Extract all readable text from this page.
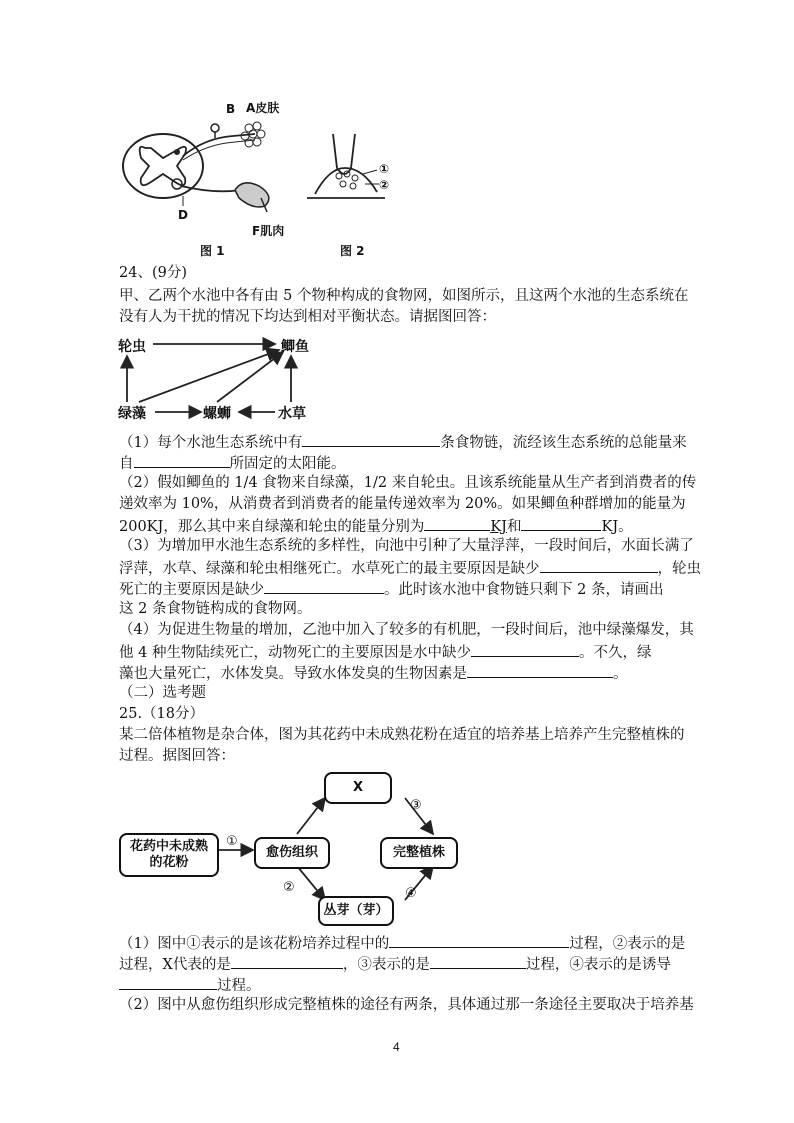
B A皮肤
D
F肌肉
图 1
①
②
图 2
24、(9分)
甲、乙两个水池中各有由 5 个物种构成的食物网，如图所示，且这两个水池的生态系统在
没有人为干扰的情况下均达到相对平衡状态。请据图回答：
轮虫	鲫鱼
绿藻	螺蛳	水草
（1）每个水池生态系统中有	条食物链，流经该生态系统的总能量来
自	所固定的太阳能。
（2）假如鲫鱼的 1/4 食物来自绿藻，1/2 来自轮虫。且该系统能量从生产者到消费者的传
递效率为 10%，从消费者到消费者的能量传递效率为 20%。如果鲫鱼种群增加的能量为
200KJ，那么其中来自绿藻和轮虫的能量分别为	KJ和	KJ。
（3）为增加甲水池生态系统的多样性，向池中引种了大量浮萍，一段时间后，水面长满了
浮萍，水草、绿藻和轮虫相继死亡。水草死亡的最主要原因是缺少	，轮虫
死亡的主要原因是缺少	。此时该水池中食物链只剩下 2 条，请画出
这 2 条食物链构成的食物网。
（4）为促进生物量的增加，乙池中加入了较多的有机肥，一段时间后，池中绿藻爆发，其
他 4 种生物陆续死亡，动物死亡的主要原因是水中缺少	。不久，绿
藻也大量死亡，水体发臭。导致水体发臭的生物因素是	。
（二）选考题
25.（18分）
某二倍体植物是杂合体，图为其花药中未成熟花粉在适宜的培养基上培养产生完整植株的
过程。据图回答：
花药中未成熟
的花粉
愈伤组织
X
完整植株
丛芽（芽）
①
②
③
④
（1）图中①表示的是该花粉培养过程中的	过程，②表示的是
过程，X代表的是	，③表示的是	过程，④表示的是诱导
过程。
（2）图中从愈伤组织形成完整植株的途径有两条，具体通过那一条途径主要取决于培养基
4
